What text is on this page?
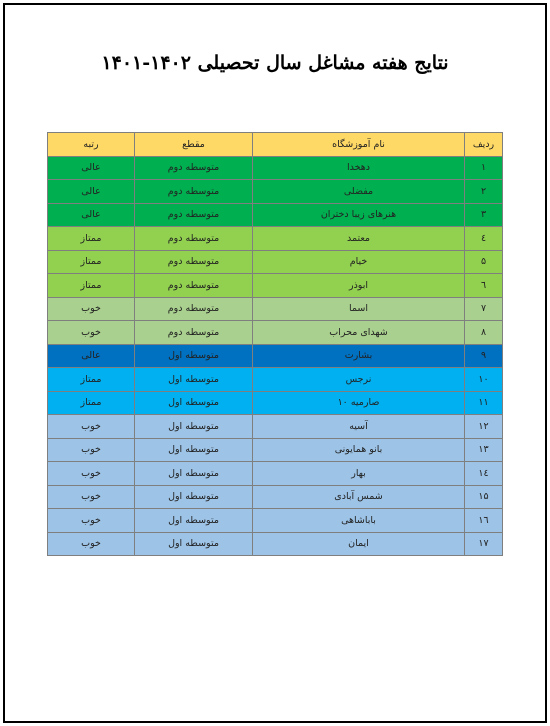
نتایج هفته مشاغل سال تحصیلی ۱۴۰۲-۱۴۰۱
ردیف	نام آموزشگاه	مقطع	رتبه
۱	دهخدا	متوسطه دوم	عالی
۲	مفضلی	متوسطه دوم	عالی
۳	هنرهای زیبا دختران	متوسطه دوم	عالی
٤	معتمد	متوسطه دوم	ممتاز
۵	خیام	متوسطه دوم	ممتاز
٦	ابوذر	متوسطه دوم	ممتاز
۷	اسما	متوسطه دوم	خوب
۸	شهدای محراب	متوسطه دوم	خوب
۹	بشارت	متوسطه اول	عالی
۱۰	نرجس	متوسطه اول	ممتاز
۱۱	صارمیه ۱۰	متوسطه اول	ممتاز
۱۲	آسیه	متوسطه اول	خوب
۱۳	بانو همایونی	متوسطه اول	خوب
۱٤	بهار	متوسطه اول	خوب
۱۵	شمس آبادی	متوسطه اول	خوب
۱٦	باباشاهی	متوسطه اول	خوب
۱۷	ایمان	متوسطه اول	خوب
